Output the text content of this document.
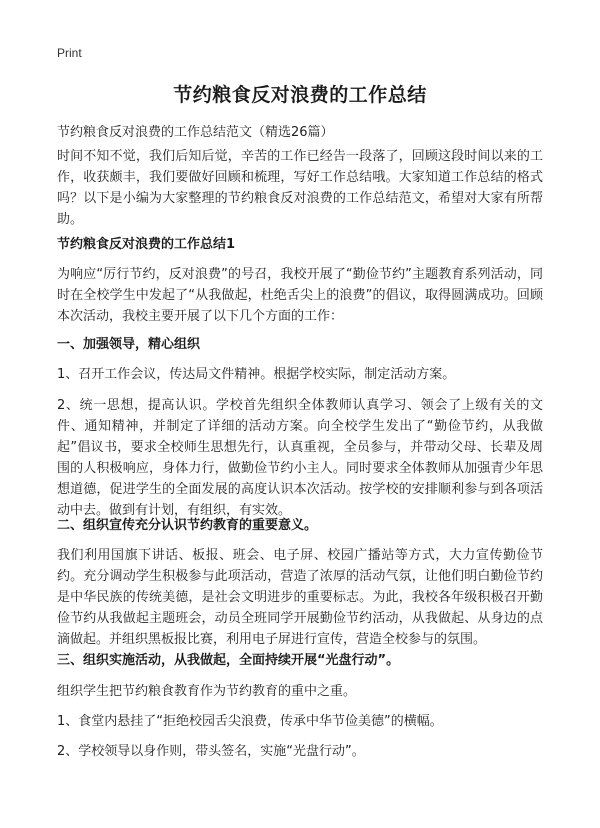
Print
节约粮食反对浪费的工作总结
节约粮食反对浪费的工作总结范文（精选26篇）

时间不知不觉，我们后知后觉，辛苦的工作已经告一段落了，回顾这段时间以来的工作，收获颇丰，我们要做好回顾和梳理，写好工作总结哦。大家知道工作总结的格式吗？以下是小编为大家整理的节约粮食反对浪费的工作总结范文，希望对大家有所帮助。

节约粮食反对浪费的工作总结1

为响应“厉行节约，反对浪费”的号召，我校开展了“勤俭节约”主题教育系列活动，同时在全校学生中发起了“从我做起，杜绝舌尖上的浪费”的倡议，取得圆满成功。回顾本次活动，我校主要开展了以下几个方面的工作：

一、加强领导，精心组织

1、召开工作会议，传达局文件精神。根据学校实际，制定活动方案。

2、统一思想，提高认识。学校首先组织全体教师认真学习、领会了上级有关的文件、通知精神，并制定了详细的活动方案。向全校学生发出了“勤俭节约，从我做起”倡议书，要求全校师生思想先行，认真重视，全员参与，并带动父母、长辈及周围的人积极响应，身体力行，做勤俭节约小主人。同时要求全体教师从加强青少年思想道德，促进学生的全面发展的高度认识本次活动。按学校的安排顺利参与到各项活动中去。做到有计划，有组织，有实效。

二、组织宣传充分认识节约教育的重要意义。

我们利用国旗下讲话、板报、班会、电子屏、校园广播站等方式，大力宣传勤俭节约。充分调动学生积极参与此项活动，营造了浓厚的活动气氛，让他们明白勤俭节约是中华民族的传统美德，是社会文明进步的重要标志。为此，我校各年级积极召开勤俭节约从我做起主题班会，动员全班同学开展勤俭节约活动，从我做起、从身边的点滴做起。并组织黑板报比赛，利用电子屏进行宣传，营造全校参与的氛围。

三、组织实施活动，从我做起，全面持续开展“光盘行动”。

组织学生把节约粮食教育作为节约教育的重中之重。

1、食堂内悬挂了“拒绝校园舌尖浪费，传承中华节俭美德”的横幅。

2、学校领导以身作则，带头签名，实施“光盘行动”。
